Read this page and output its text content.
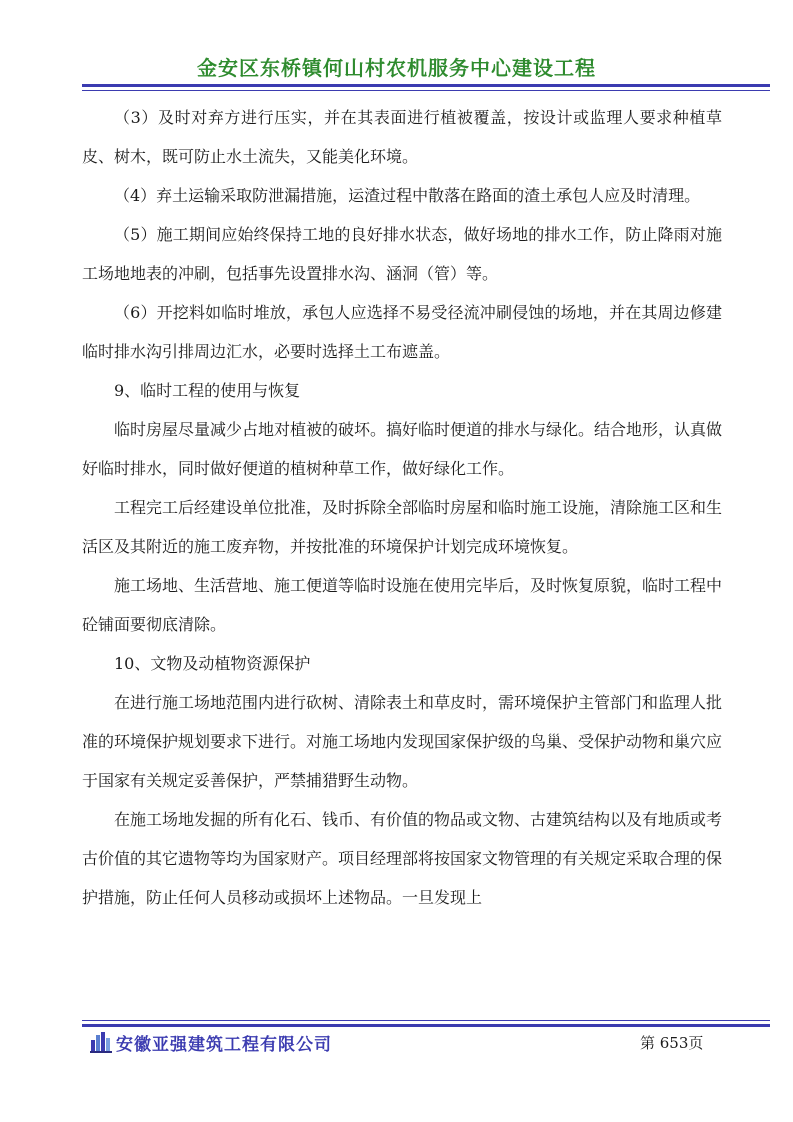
金安区东桥镇何山村农机服务中心建设工程

（3）及时对弃方进行压实，并在其表面进行植被覆盖，按设计或监理人要求种植草皮、树木，既可防止水土流失，又能美化环境。

（4）弃土运输采取防泄漏措施，运渣过程中散落在路面的渣土承包人应及时清理。

（5）施工期间应始终保持工地的良好排水状态，做好场地的排水工作，防止降雨对施工场地地表的冲刷，包括事先设置排水沟、涵洞（管）等。

（6）开挖料如临时堆放，承包人应选择不易受径流冲刷侵蚀的场地，并在其周边修建临时排水沟引排周边汇水，必要时选择土工布遮盖。

9、临时工程的使用与恢复

临时房屋尽量减少占地对植被的破坏。搞好临时便道的排水与绿化。结合地形，认真做好临时排水，同时做好便道的植树种草工作，做好绿化工作。

工程完工后经建设单位批准，及时拆除全部临时房屋和临时施工设施，清除施工区和生活区及其附近的施工废弃物，并按批准的环境保护计划完成环境恢复。

施工场地、生活营地、施工便道等临时设施在使用完毕后，及时恢复原貌，临时工程中砼铺面要彻底清除。

10、文物及动植物资源保护

在进行施工场地范围内进行砍树、清除表土和草皮时，需环境保护主管部门和监理人批准的环境保护规划要求下进行。对施工场地内发现国家保护级的鸟巢、受保护动物和巢穴应于国家有关规定妥善保护，严禁捕猎野生动物。

在施工场地发掘的所有化石、钱币、有价值的物品或文物、古建筑结构以及有地质或考古价值的其它遗物等均为国家财产。项目经理部将按国家文物管理的有关规定采取合理的保护措施，防止任何人员移动或损坏上述物品。一旦发现上

安徽亚强建筑工程有限公司	第 653页
